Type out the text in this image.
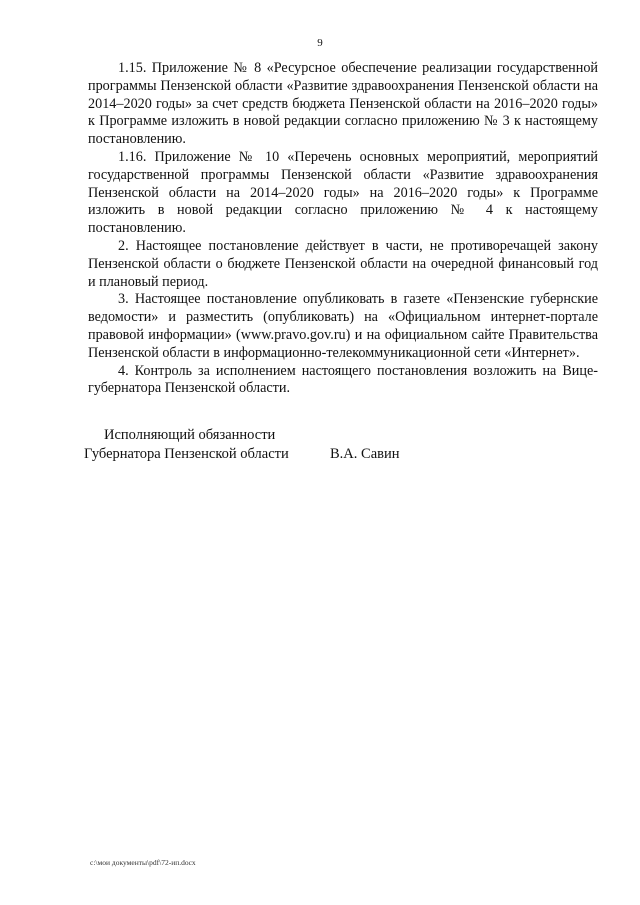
9

1.15. Приложение № 8 «Ресурсное обеспечение реализации государственной программы Пензенской области «Развитие здравоохранения Пензенской области на 2014–2020 годы» за счет средств бюджета Пензенской области на 2016–2020 годы» к Программе изложить в новой редакции согласно приложению № 3 к настоящему постановлению.

1.16. Приложение № 10 «Перечень основных мероприятий, мероприятий государственной программы Пензенской области «Развитие здравоохранения Пензенской области на 2014–2020 годы» на 2016–2020 годы» к Программе изложить в новой редакции согласно приложению № 4 к настоящему постановлению.

2. Настоящее постановление действует в части, не противоречащей закону Пензенской области о бюджете Пензенской области на очередной финансовый год и плановый период.

3. Настоящее постановление опубликовать в газете «Пензенские губернские ведомости» и разместить (опубликовать) на «Официальном интернет-портале правовой информации» (www.pravo.gov.ru) и на официальном сайте Правительства Пензенской области в информационно-телекоммуникационной сети «Интернет».

4. Контроль за исполнением настоящего постановления возложить на Вице-губернатора Пензенской области.

Исполняющий обязанности
Губернатора Пензенской области	В.А. Савин
c:\мои документы\pdf\72-ип.docx
